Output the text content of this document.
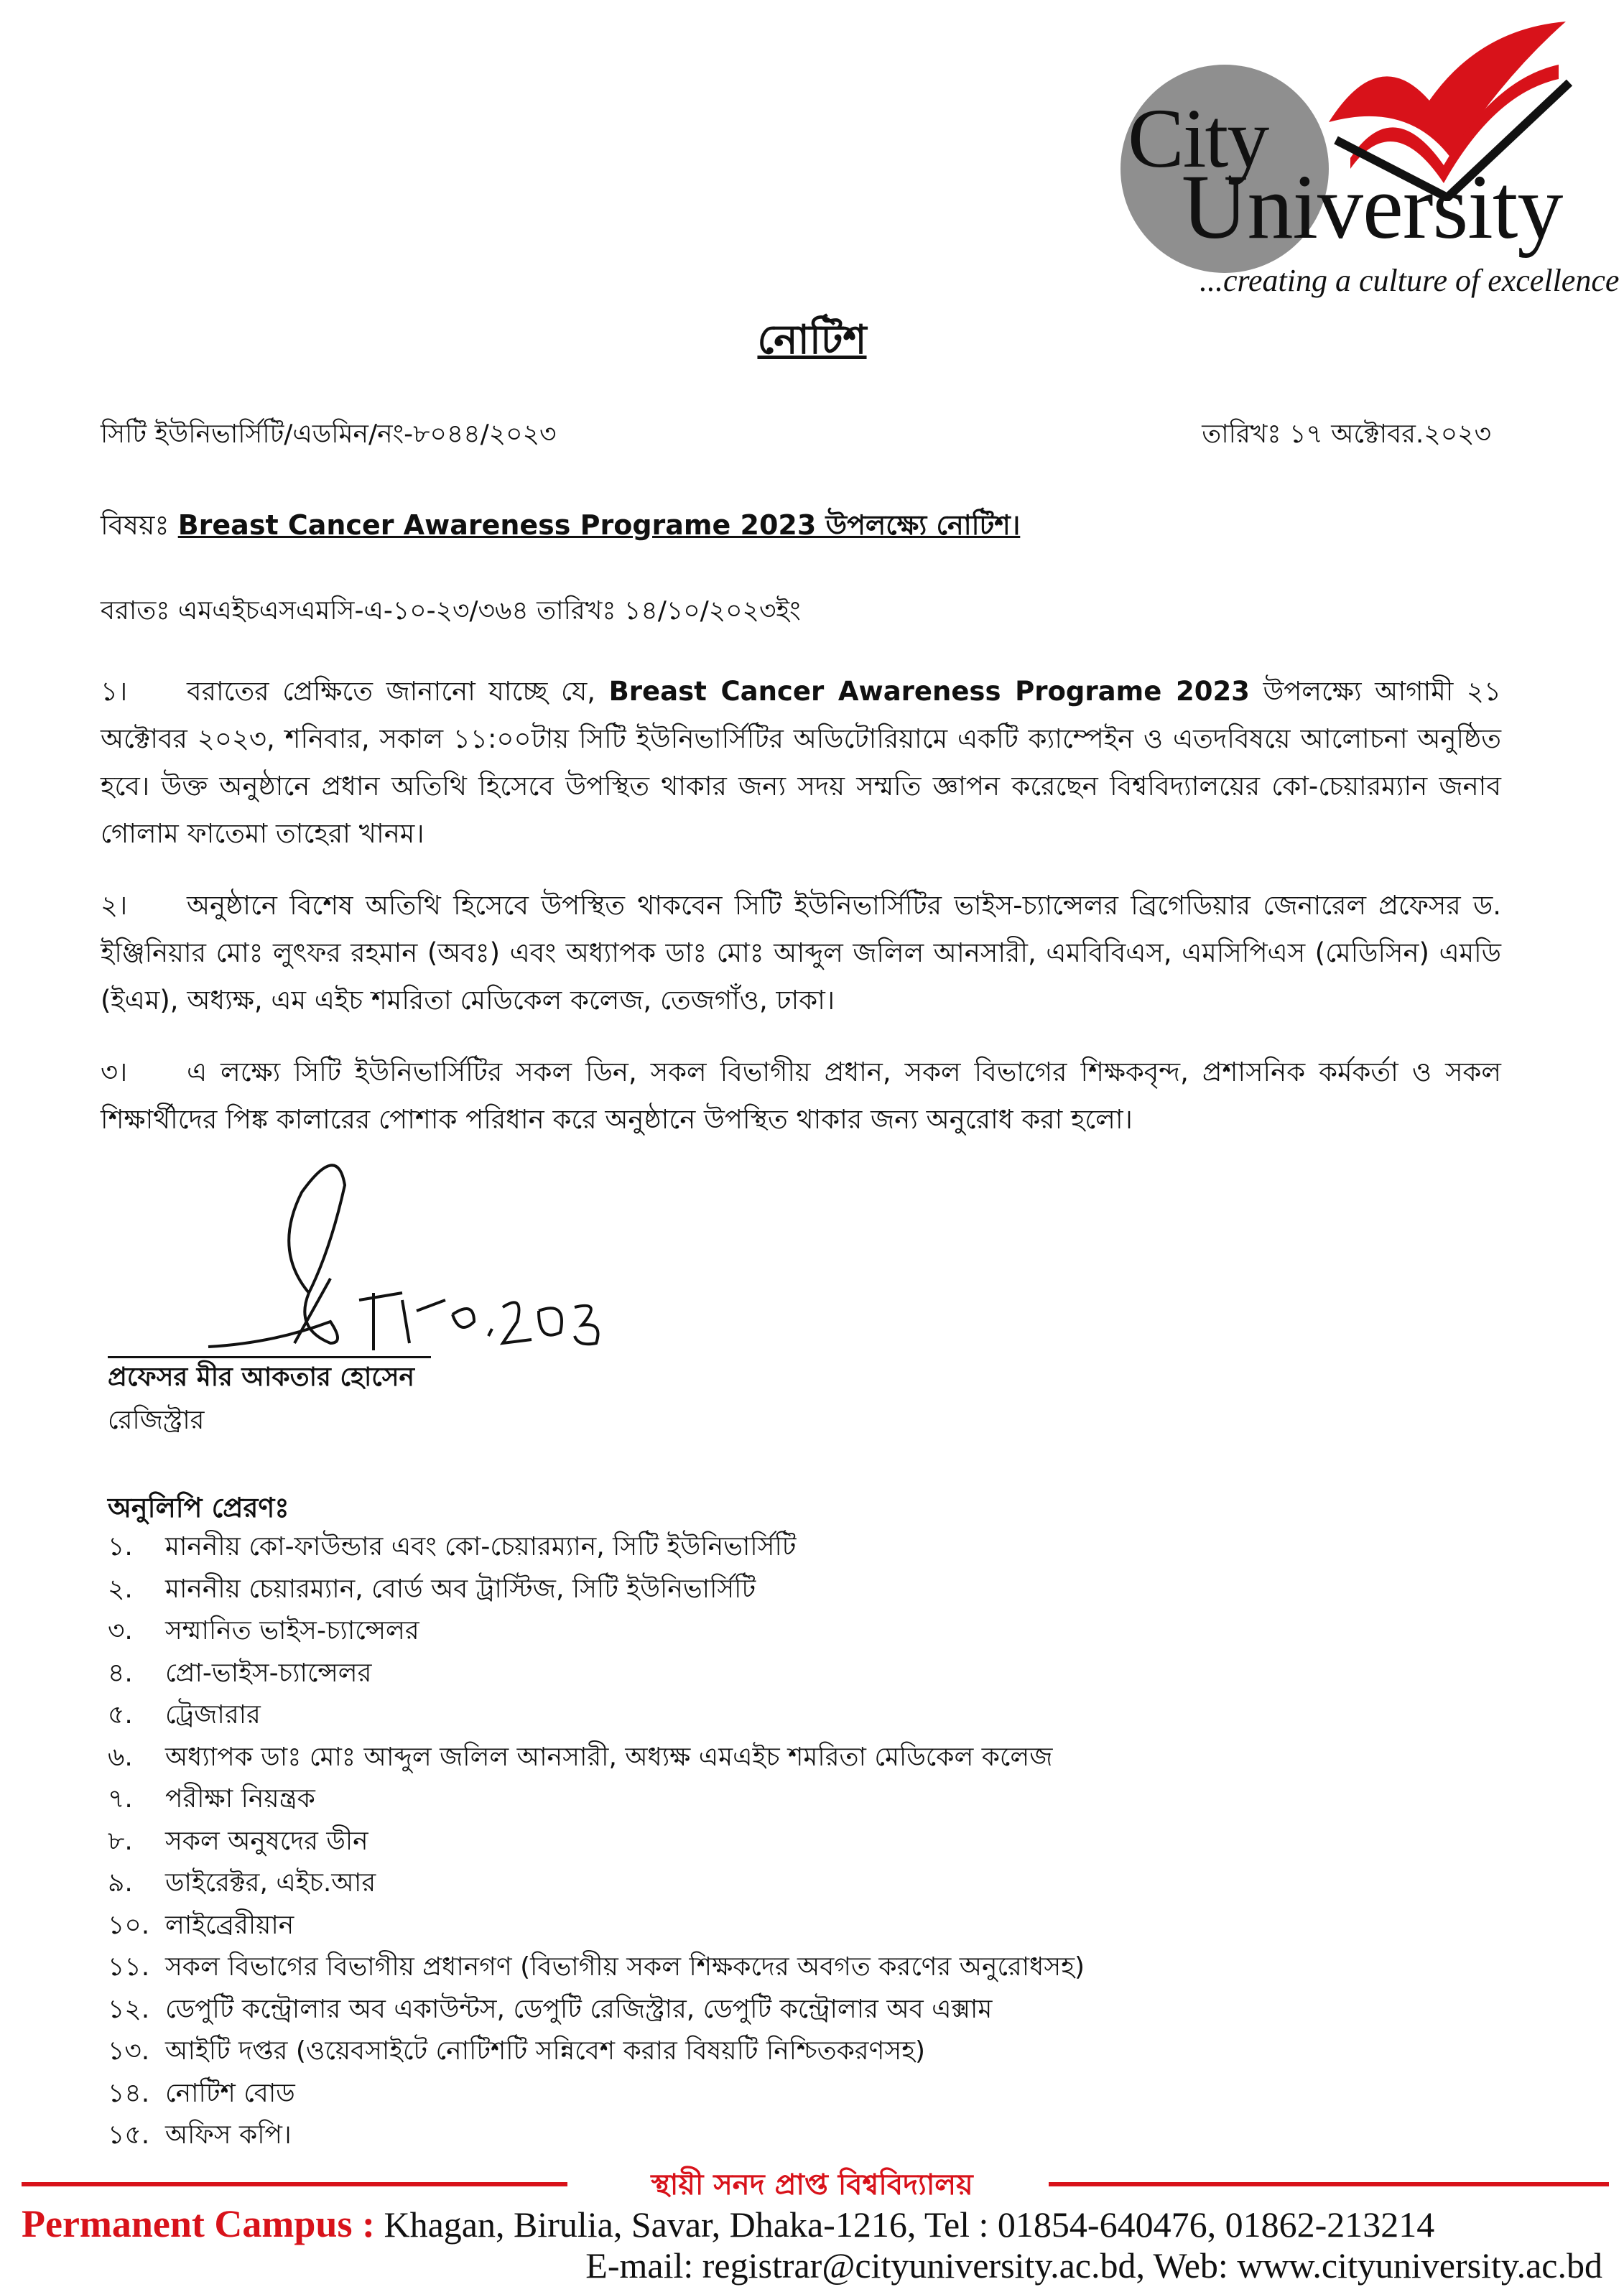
City
University
...creating a culture of excellence
নোটিশ
সিটি ইউনিভার্সিটি/এডমিন/নং-৮০৪৪/২০২৩	তারিখঃ ১৭ অক্টোবর.২০২৩
বিষয়ঃ Breast Cancer Awareness Programe 2023 উপলক্ষ্যে নোটিশ।
বরাতঃ এমএইচএসএমসি-এ-১০-২৩/৩৬৪ তারিখঃ ১৪/১০/২০২৩ইং
১। বরাতের প্রেক্ষিতে জানানো যাচ্ছে যে, Breast Cancer Awareness Programe 2023 উপলক্ষ্যে আগামী ২১ অক্টোবর ২০২৩, শনিবার, সকাল ১১:০০টায় সিটি ইউনিভার্সিটির অডিটোরিয়ামে একটি ক্যাম্পেইন ও এতদবিষয়ে আলোচনা অনুষ্ঠিত হবে। উক্ত অনুষ্ঠানে প্রধান অতিথি হিসেবে উপস্থিত থাকার জন্য সদয় সম্মতি জ্ঞাপন করেছেন বিশ্ববিদ্যালয়ের কো-চেয়ারম্যান জনাব গোলাম ফাতেমা তাহেরা খানম।
২। অনুষ্ঠানে বিশেষ অতিথি হিসেবে উপস্থিত থাকবেন সিটি ইউনিভার্সিটির ভাইস-চ্যান্সেলর ব্রিগেডিয়ার জেনারেল প্রফেসর ড. ইঞ্জিনিয়ার মোঃ লুৎফর রহমান (অবঃ) এবং অধ্যাপক ডাঃ মোঃ আব্দুল জলিল আনসারী, এমবিবিএস, এমসিপিএস (মেডিসিন) এমডি (ইএম), অধ্যক্ষ, এম এইচ শমরিতা মেডিকেল কলেজ, তেজগাঁও, ঢাকা।
৩। এ লক্ষ্যে সিটি ইউনিভার্সিটির সকল ডিন, সকল বিভাগীয় প্রধান, সকল বিভাগের শিক্ষকবৃন্দ, প্রশাসনিক কর্মকর্তা ও সকল শিক্ষার্থীদের পিঙ্ক কালারের পোশাক পরিধান করে অনুষ্ঠানে উপস্থিত থাকার জন্য অনুরোধ করা হলো।
প্রফেসর মীর আকতার হোসেন
রেজিস্ট্রার
অনুলিপি প্রেরণঃ
১. মাননীয় কো-ফাউন্ডার এবং কো-চেয়ারম্যান, সিটি ইউনিভার্সিটি
২. মাননীয় চেয়ারম্যান, বোর্ড অব ট্রাস্টিজ, সিটি ইউনিভার্সিটি
৩. সম্মানিত ভাইস-চ্যান্সেলর
৪. প্রো-ভাইস-চ্যান্সেলর
৫. ট্রেজারার
৬. অধ্যাপক ডাঃ মোঃ আব্দুল জলিল আনসারী, অধ্যক্ষ এমএইচ শমরিতা মেডিকেল কলেজ
৭. পরীক্ষা নিয়ন্ত্রক
৮. সকল অনুষদের ডীন
৯. ডাইরেক্টর, এইচ.আর
১০. লাইব্রেরীয়ান
১১. সকল বিভাগের বিভাগীয় প্রধানগণ (বিভাগীয় সকল শিক্ষকদের অবগত করণের অনুরোধসহ)
১২. ডেপুটি কন্ট্রোলার অব একাউন্টস, ডেপুটি রেজিস্ট্রার, ডেপুটি কন্ট্রোলার অব এক্সাম
১৩. আইটি দপ্তর (ওয়েবসাইটে নোটিশটি সন্নিবেশ করার বিষয়টি নিশ্চিতকরণসহ)
১৪. নোটিশ বোড
১৫. অফিস কপি।
স্থায়ী সনদ প্রাপ্ত বিশ্ববিদ্যালয়
Permanent Campus : Khagan, Birulia, Savar, Dhaka-1216, Tel : 01854-640476, 01862-213214
E-mail: registrar@cityuniversity.ac.bd, Web: www.cityuniversity.ac.bd
